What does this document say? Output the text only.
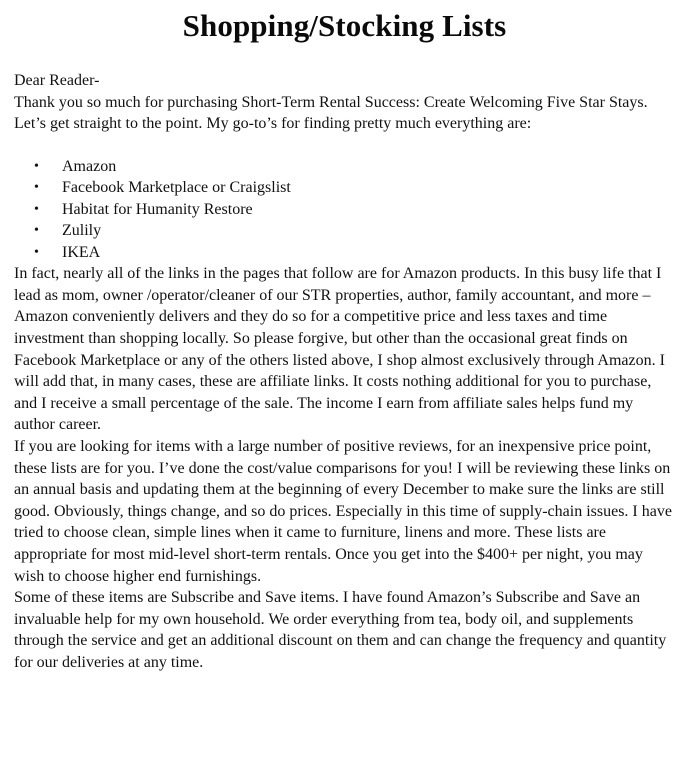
Shopping/Stocking Lists

Dear Reader-

Thank you so much for purchasing Short-Term Rental Success: Create Welcoming Five Star Stays. Let’s get straight to the point. My go-to’s for finding pretty much everything are:

• Amazon
• Facebook Marketplace or Craigslist
• Habitat for Humanity Restore
• Zulily
• IKEA

In fact, nearly all of the links in the pages that follow are for Amazon products. In this busy life that I lead as mom, owner /operator/cleaner of our STR properties, author, family accountant, and more – Amazon conveniently delivers and they do so for a competitive price and less taxes and time investment than shopping locally. So please forgive, but other than the occasional great finds on Facebook Marketplace or any of the others listed above, I shop almost exclusively through Amazon. I will add that, in many cases, these are affiliate links. It costs nothing additional for you to purchase, and I receive a small percentage of the sale. The income I earn from affiliate sales helps fund my author career.

If you are looking for items with a large number of positive reviews, for an inexpensive price point, these lists are for you. I’ve done the cost/value comparisons for you! I will be reviewing these links on an annual basis and updating them at the beginning of every December to make sure the links are still good. Obviously, things change, and so do prices. Especially in this time of supply-chain issues. I have tried to choose clean, simple lines when it came to furniture, linens and more. These lists are appropriate for most mid-level short-term rentals. Once you get into the $400+ per night, you may wish to choose higher end furnishings.

Some of these items are Subscribe and Save items. I have found Amazon’s Subscribe and Save an invaluable help for my own household. We order everything from tea, body oil, and supplements through the service and get an additional discount on them and can change the frequency and quantity for our deliveries at any time.
